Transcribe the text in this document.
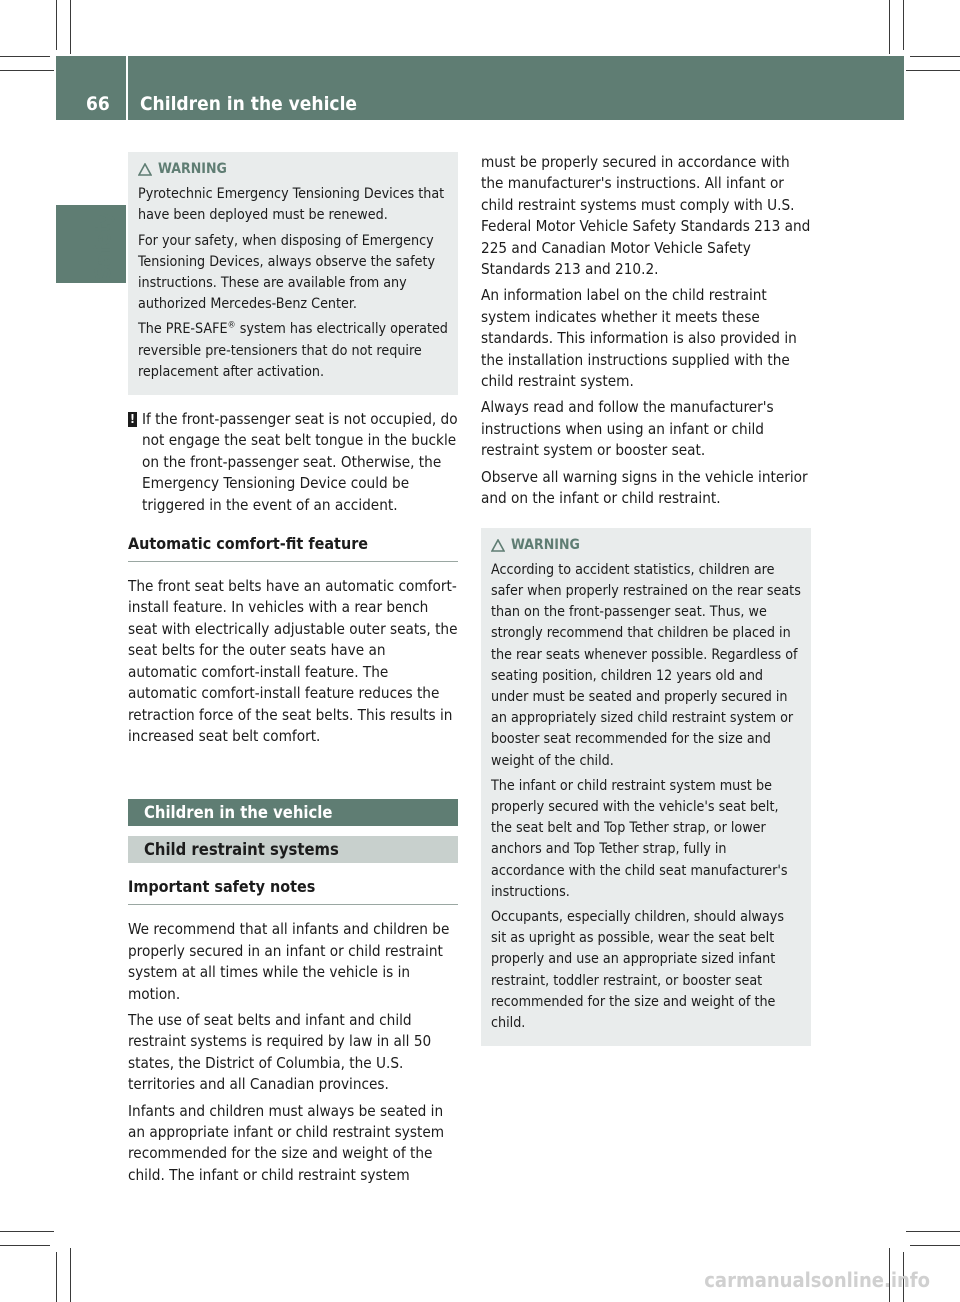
66	Children in the vehicle
Safety
WARNING

Pyrotechnic Emergency Tensioning Devices that have been deployed must be renewed.

For your safety, when disposing of Emergency Tensioning Devices, always observe the safety instructions. These are available from any authorized Mercedes-Benz Center.

The PRE-SAFE® system has electrically operated reversible pre-tensioners that do not require replacement after activation.

! If the front-passenger seat is not occupied, do not engage the seat belt tongue in the buckle on the front-passenger seat. Otherwise, the Emergency Tensioning Device could be triggered in the event of an accident.
Automatic comfort-fit feature

The front seat belts have an automatic comfort-install feature. In vehicles with a rear bench seat with electrically adjustable outer seats, the seat belts for the outer seats have an automatic comfort-install feature. The automatic comfort-install feature reduces the retraction force of the seat belts. This results in increased seat belt comfort.

Children in the vehicle
Child restraint systems
Important safety notes

We recommend that all infants and children be properly secured in an infant or child restraint system at all times while the vehicle is in motion.

The use of seat belts and infant and child restraint systems is required by law in all 50 states, the District of Columbia, the U.S. territories and all Canadian provinces.

Infants and children must always be seated in an appropriate infant or child restraint system recommended for the size and weight of the child. The infant or child restraint system

must be properly secured in accordance with the manufacturer's instructions. All infant or child restraint systems must comply with U.S. Federal Motor Vehicle Safety Standards 213 and 225 and Canadian Motor Vehicle Safety Standards 213 and 210.2.

An information label on the child restraint system indicates whether it meets these standards. This information is also provided in the installation instructions supplied with the child restraint system.

Always read and follow the manufacturer's instructions when using an infant or child restraint system or booster seat.

Observe all warning signs in the vehicle interior and on the infant or child restraint.

WARNING

According to accident statistics, children are safer when properly restrained on the rear seats than on the front-passenger seat. Thus, we strongly recommend that children be placed in the rear seats whenever possible. Regardless of seating position, children 12 years old and under must be seated and properly secured in an appropriately sized child restraint system or booster seat recommended for the size and weight of the child.

The infant or child restraint system must be properly secured with the vehicle's seat belt, the seat belt and Top Tether strap, or lower anchors and Top Tether strap, fully in accordance with the child seat manufacturer's instructions.

Occupants, especially children, should always sit as upright as possible, wear the seat belt properly and use an appropriate sized infant restraint, toddler restraint, or booster seat recommended for the size and weight of the child.

carmanualsonline.info
